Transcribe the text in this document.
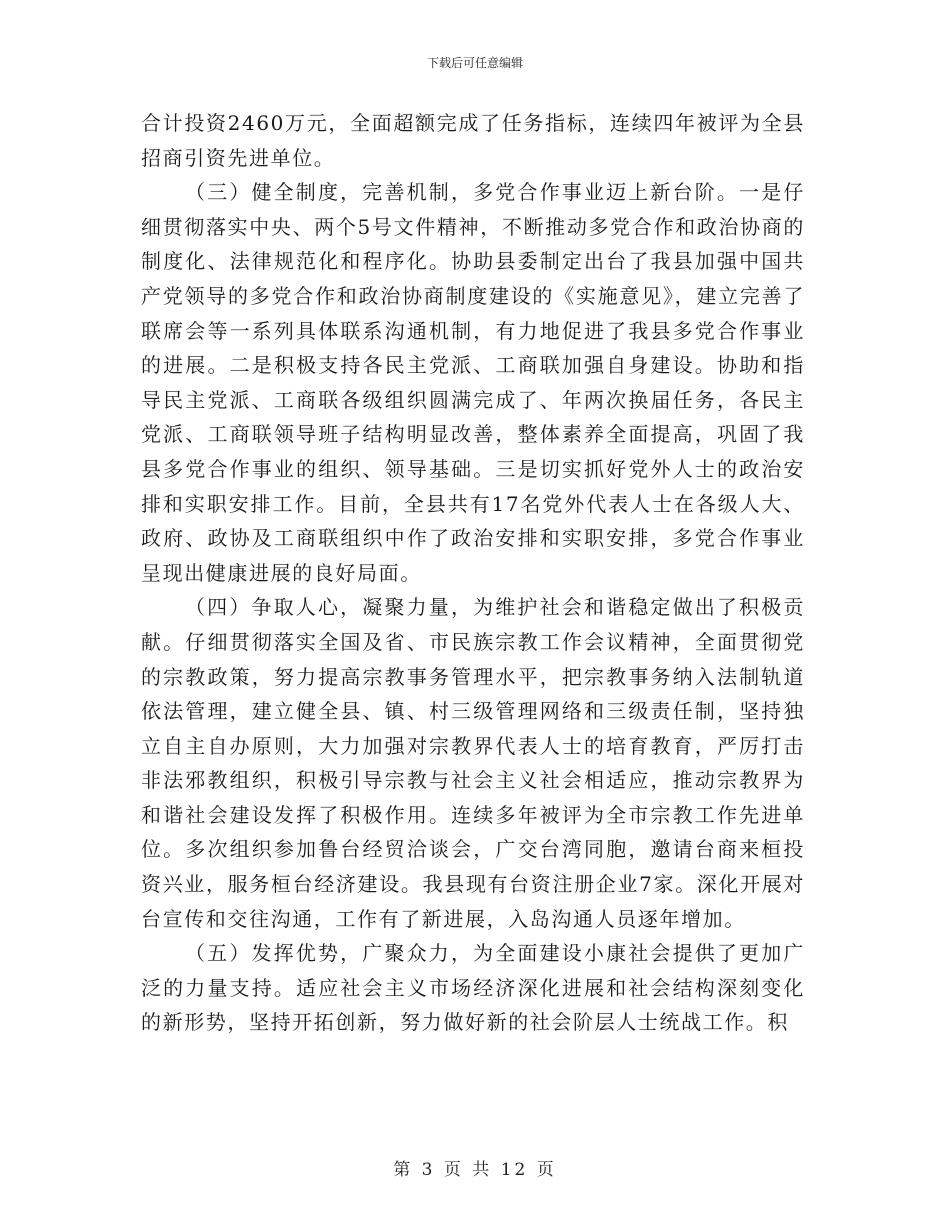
下载后可任意编辑

合计投资2460万元，全面超额完成了任务指标，连续四年被评为全县招商引资先进单位。

（三）健全制度，完善机制，多党合作事业迈上新台阶。一是仔细贯彻落实中央、两个5号文件精神，不断推动多党合作和政治协商的制度化、法律规范化和程序化。协助县委制定出台了我县加强中国共产党领导的多党合作和政治协商制度建设的《实施意见》，建立完善了联席会等一系列具体联系沟通机制，有力地促进了我县多党合作事业的进展。二是积极支持各民主党派、工商联加强自身建设。协助和指导民主党派、工商联各级组织圆满完成了、年两次换届任务，各民主党派、工商联领导班子结构明显改善，整体素养全面提高，巩固了我县多党合作事业的组织、领导基础。三是切实抓好党外人士的政治安排和实职安排工作。目前，全县共有17名党外代表人士在各级人大、政府、政协及工商联组织中作了政治安排和实职安排，多党合作事业呈现出健康进展的良好局面。

（四）争取人心，凝聚力量，为维护社会和谐稳定做出了积极贡献。仔细贯彻落实全国及省、市民族宗教工作会议精神，全面贯彻党的宗教政策，努力提高宗教事务管理水平，把宗教事务纳入法制轨道依法管理，建立健全县、镇、村三级管理网络和三级责任制，坚持独立自主自办原则，大力加强对宗教界代表人士的培育教育，严厉打击非法邪教组织，积极引导宗教与社会主义社会相适应，推动宗教界为和谐社会建设发挥了积极作用。连续多年被评为全市宗教工作先进单位。多次组织参加鲁台经贸洽谈会，广交台湾同胞，邀请台商来桓投资兴业，服务桓台经济建设。我县现有台资注册企业7家。深化开展对台宣传和交往沟通，工作有了新进展，入岛沟通人员逐年增加。

（五）发挥优势，广聚众力，为全面建设小康社会提供了更加广泛的力量支持。适应社会主义市场经济深化进展和社会结构深刻变化的新形势，坚持开拓创新，努力做好新的社会阶层人士统战工作。积

第 3 页 共 12 页
